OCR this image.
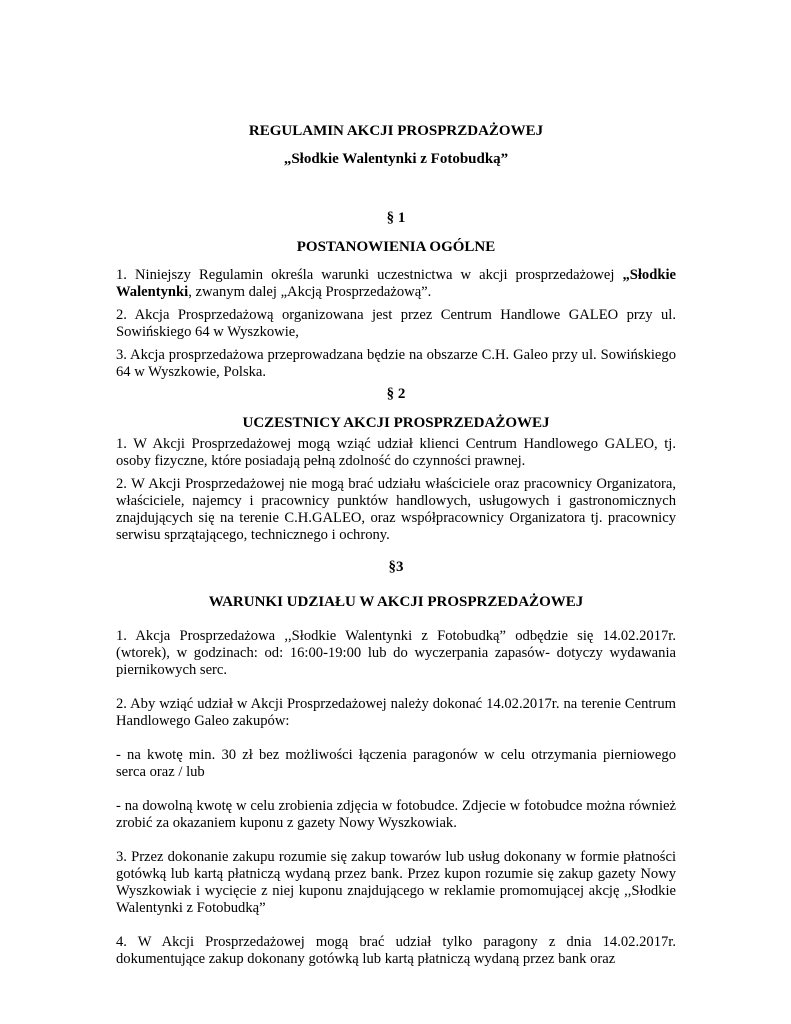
REGULAMIN AKCJI PROSPRZDAŻOWEJ
„Słodkie Walentynki z Fotobudką”
§ 1
POSTANOWIENIA OGÓLNE

1. Niniejszy Regulamin określa warunki uczestnictwa w akcji prosprzedażowej „Słodkie Walentynki, zwanym dalej „Akcją Prosprzedażową”.

2. Akcja Prosprzedażową organizowana jest przez Centrum Handlowe GALEO przy ul. Sowińskiego 64 w Wyszkowie,

3. Akcja prosprzedażowa przeprowadzana będzie na obszarze C.H. Galeo przy ul. Sowińskiego 64 w Wyszkowie, Polska.

§ 2
UCZESTNICY AKCJI PROSPRZEDAŻOWEJ

1. W Akcji Prosprzedażowej mogą wziąć udział klienci Centrum Handlowego GALEO, tj. osoby fizyczne, które posiadają pełną zdolność do czynności prawnej.

2. W Akcji Prosprzedażowej nie mogą brać udziału właściciele oraz pracownicy Organizatora, właściciele, najemcy i pracownicy punktów handlowych, usługowych i gastronomicznych znajdujących się na terenie C.H.GALEO, oraz współpracownicy Organizatora tj. pracownicy serwisu sprzątającego, technicznego i ochrony.

§3
WARUNKI UDZIAŁU W AKCJI PROSPRZEDAŻOWEJ

1. Akcja Prosprzedażowa ,,Słodkie Walentynki z Fotobudką” odbędzie się 14.02.2017r. (wtorek), w godzinach: od: 16:00-19:00 lub do wyczerpania zapasów- dotyczy wydawania piernikowych serc.

2. Aby wziąć udział w Akcji Prosprzedażowej należy dokonać 14.02.2017r. na terenie Centrum Handlowego Galeo zakupów:

- na kwotę min. 30 zł bez możliwości łączenia paragonów w celu otrzymania pierniowego serca oraz / lub

- na dowolną kwotę w celu zrobienia zdjęcia w fotobudce. Zdjecie w fotobudce można również zrobić za okazaniem kuponu z gazety Nowy Wyszkowiak.

3. Przez dokonanie zakupu rozumie się zakup towarów lub usług dokonany w formie płatności gotówką lub kartą płatniczą wydaną przez bank. Przez kupon rozumie się zakup gazety Nowy Wyszkowiak i wycięcie z niej kuponu znajdującego w reklamie promomującej akcję ,,Słodkie Walentynki z Fotobudką”

4. W Akcji Prosprzedażowej mogą brać udział tylko paragony z dnia 14.02.2017r. dokumentujące zakup dokonany gotówką lub kartą płatniczą wydaną przez bank oraz
